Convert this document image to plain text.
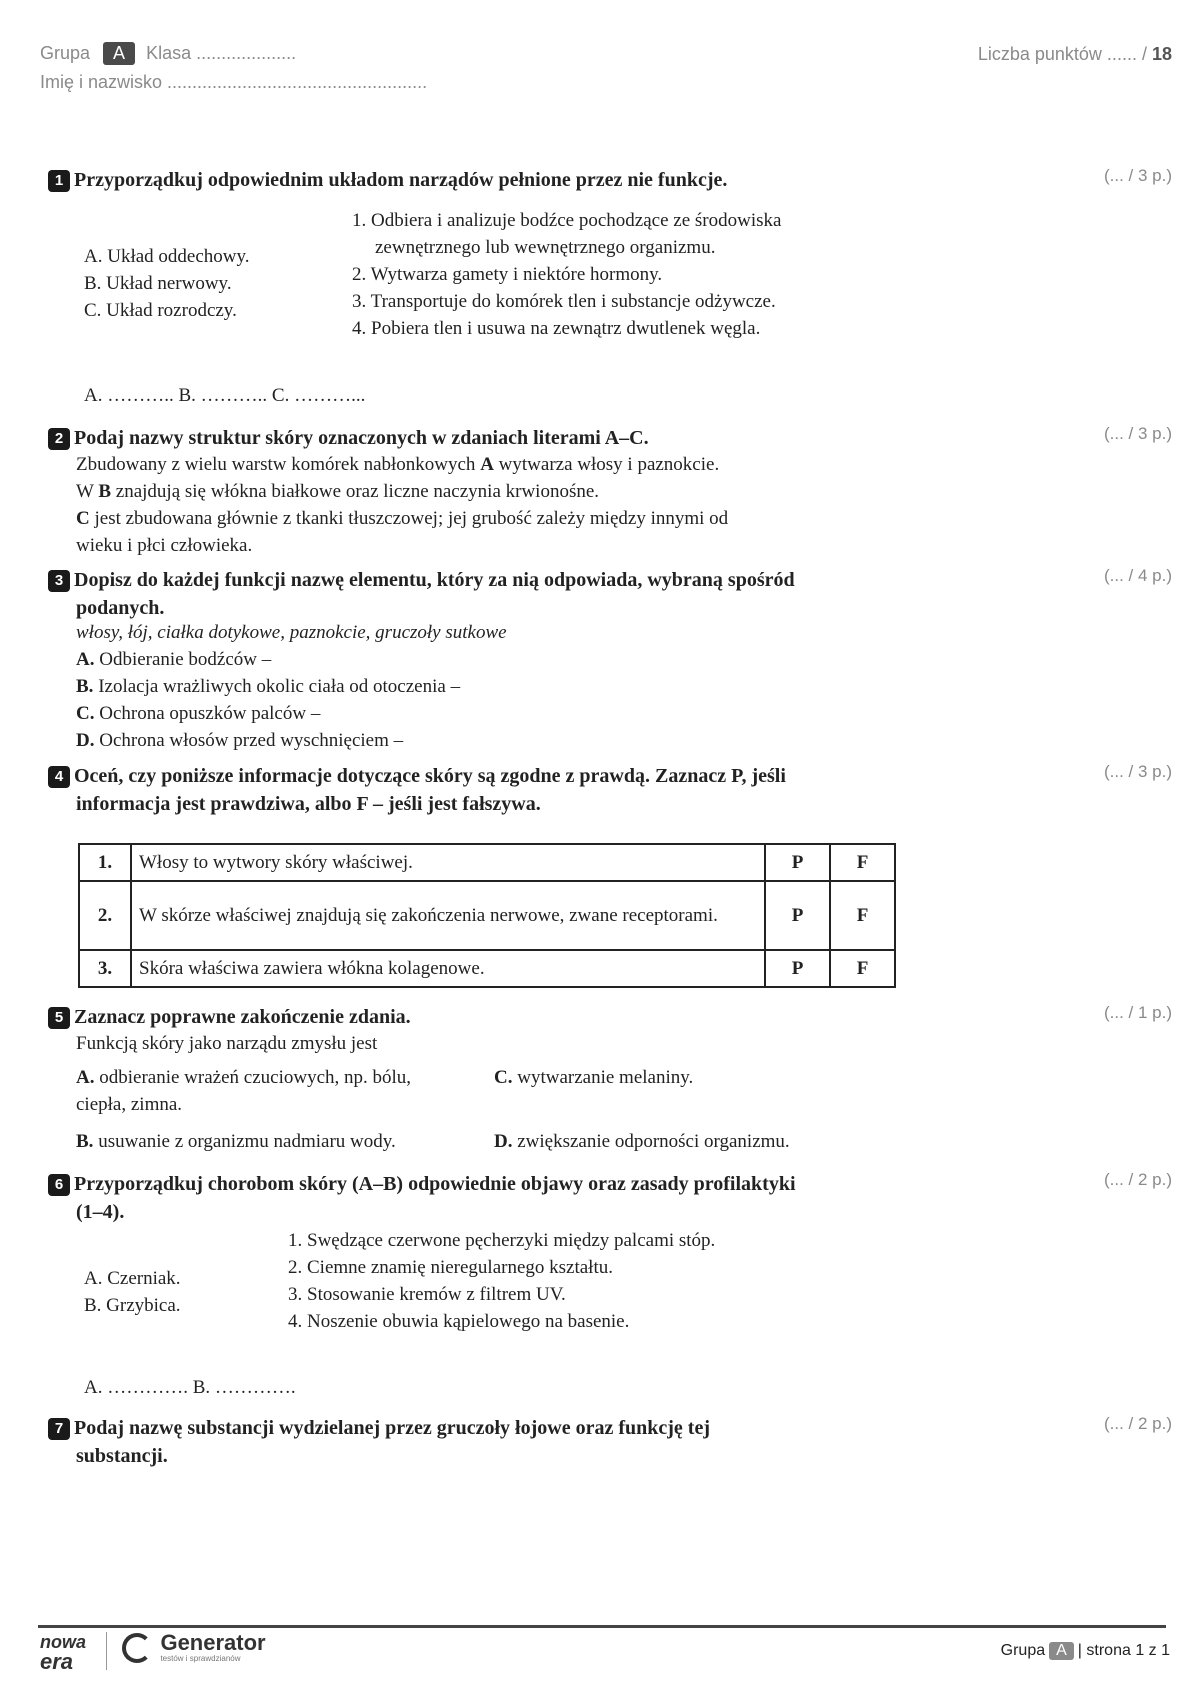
Grupa A Klasa ....................
Imię i nazwisko ....................................................
Liczba punktów ...... / 18
1 Przyporządkuj odpowiednim układom narządów pełnione przez nie funkcje.	(... / 3 p.)
A. Układ oddechowy.
B. Układ nerwowy.
C. Układ rozrodczy.
1. Odbiera i analizuje bodźce pochodzące ze środowiska
zewnętrznego lub wewnętrznego organizmu.
2. Wytwarza gamety i niektóre hormony.
3. Transportuje do komórek tlen i substancje odżywcze.
4. Pobiera tlen i usuwa na zewnątrz dwutlenek węgla.
A. ……….. B. ……….. C. ………...
2 Podaj nazwy struktur skóry oznaczonych w zdaniach literami A–C.	(... / 3 p.)
Zbudowany z wielu warstw komórek nabłonkowych A wytwarza włosy i paznokcie.
W B znajdują się włókna białkowe oraz liczne naczynia krwionośne.
C jest zbudowana głównie z tkanki tłuszczowej; jej grubość zależy między innymi od
wieku i płci człowieka.
3 Dopisz do każdej funkcji nazwę elementu, który za nią odpowiada, wybraną spośród
podanych.
(... / 4 p.)
włosy, łój, ciałka dotykowe, paznokcie, gruczoły sutkowe
A. Odbieranie bodźców –
B. Izolacja wrażliwych okolic ciała od otoczenia –
C. Ochrona opuszków palców –
D. Ochrona włosów przed wyschnięciem –
4 Oceń, czy poniższe informacje dotyczące skóry są zgodne z prawdą. Zaznacz P, jeśli
informacja jest prawdziwa, albo F – jeśli jest fałszywa.
(... / 3 p.)
1.	Włosy to wytwory skóry właściwej.	P	F
2.	W skórze właściwej znajdują się zakończenia nerwowe, zwane receptorami.	P	F
3.	Skóra właściwa zawiera włókna kolagenowe.	P	F
5 Zaznacz poprawne zakończenie zdania.	(... / 1 p.)
Funkcją skóry jako narządu zmysłu jest
A. odbieranie wrażeń czuciowych, np. bólu,
ciepła, zimna.
C. wytwarzanie melaniny.
B. usuwanie z organizmu nadmiaru wody.	D. zwiększanie odporności organizmu.
6 Przyporządkuj chorobom skóry (A–B) odpowiednie objawy oraz zasady profilaktyki
(1–4).
(... / 2 p.)
A. Czerniak.
B. Grzybica.
1. Swędzące czerwone pęcherzyki między palcami stóp.
2. Ciemne znamię nieregularnego kształtu.
3. Stosowanie kremów z filtrem UV.
4. Noszenie obuwia kąpielowego na basenie.
A. …………. B. ………….
7 Podaj nazwę substancji wydzielanej przez gruczoły łojowe oraz funkcję tej
substancji.
(... / 2 p.)
nowa
era

Generator
testów i sprawdzianów	Grupa A | strona 1 z 1
